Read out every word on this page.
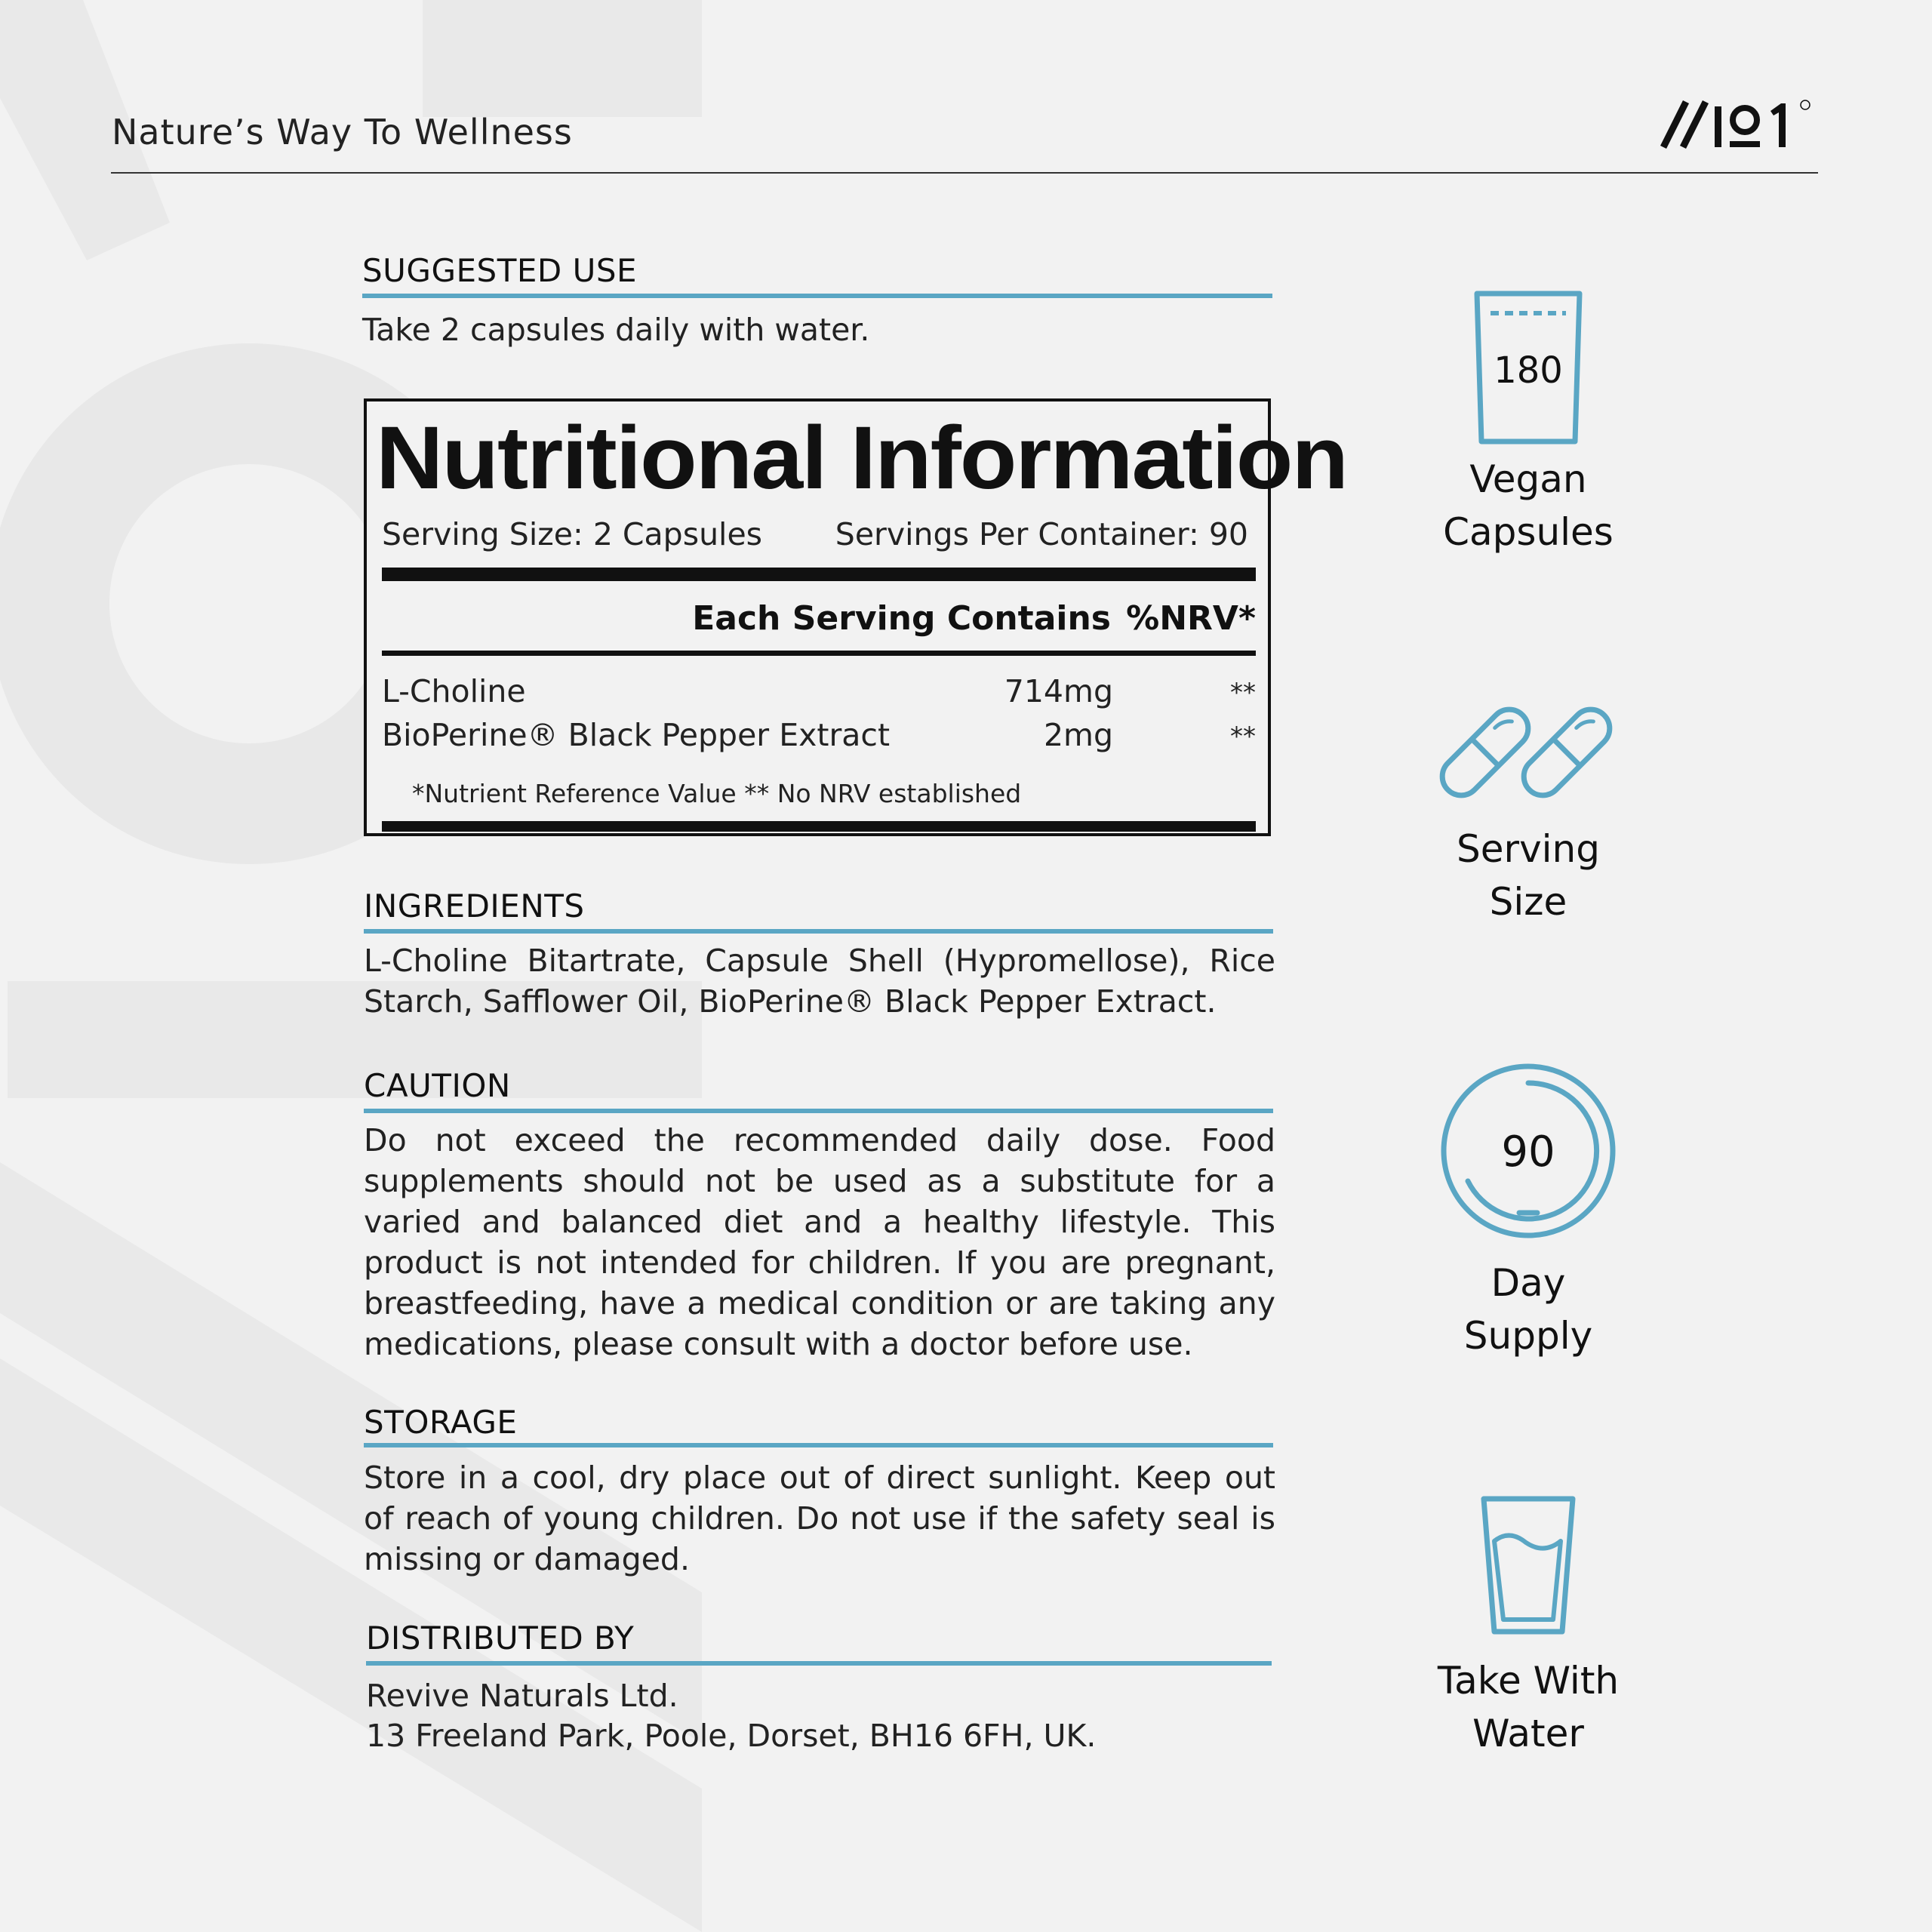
Nature’s Way To Wellness
SUGGESTED USE
Take 2 capsules daily with water.
Nutritional Information
Serving Size: 2 Capsules Servings Per Container: 90
Each Serving Contains %NRV*
L-Choline	714mg	**
BioPerine® Black Pepper Extract	2mg	**
*Nutrient Reference Value ** No NRV established
INGREDIENTS
L-Choline Bitartrate, Capsule Shell (Hypromellose), Rice Starch, Safflower Oil, BioPerine® Black Pepper Extract.
CAUTION
Do not exceed the recommended daily dose. Food supplements should not be used as a substitute for a varied and balanced diet and a healthy lifestyle. This product is not intended for children. If you are pregnant, breastfeeding, have a medical condition or are taking any medications, please consult with a doctor before use.
STORAGE
Store in a cool, dry place out of direct sunlight. Keep out of reach of young children. Do not use if the safety seal is missing or damaged.
DISTRIBUTED BY
Revive Naturals Ltd.
13 Freeland Park, Poole, Dorset, BH16 6FH, UK.
180
Vegan
Capsules
Serving
Size
90
Day
Supply
Take With
Water
